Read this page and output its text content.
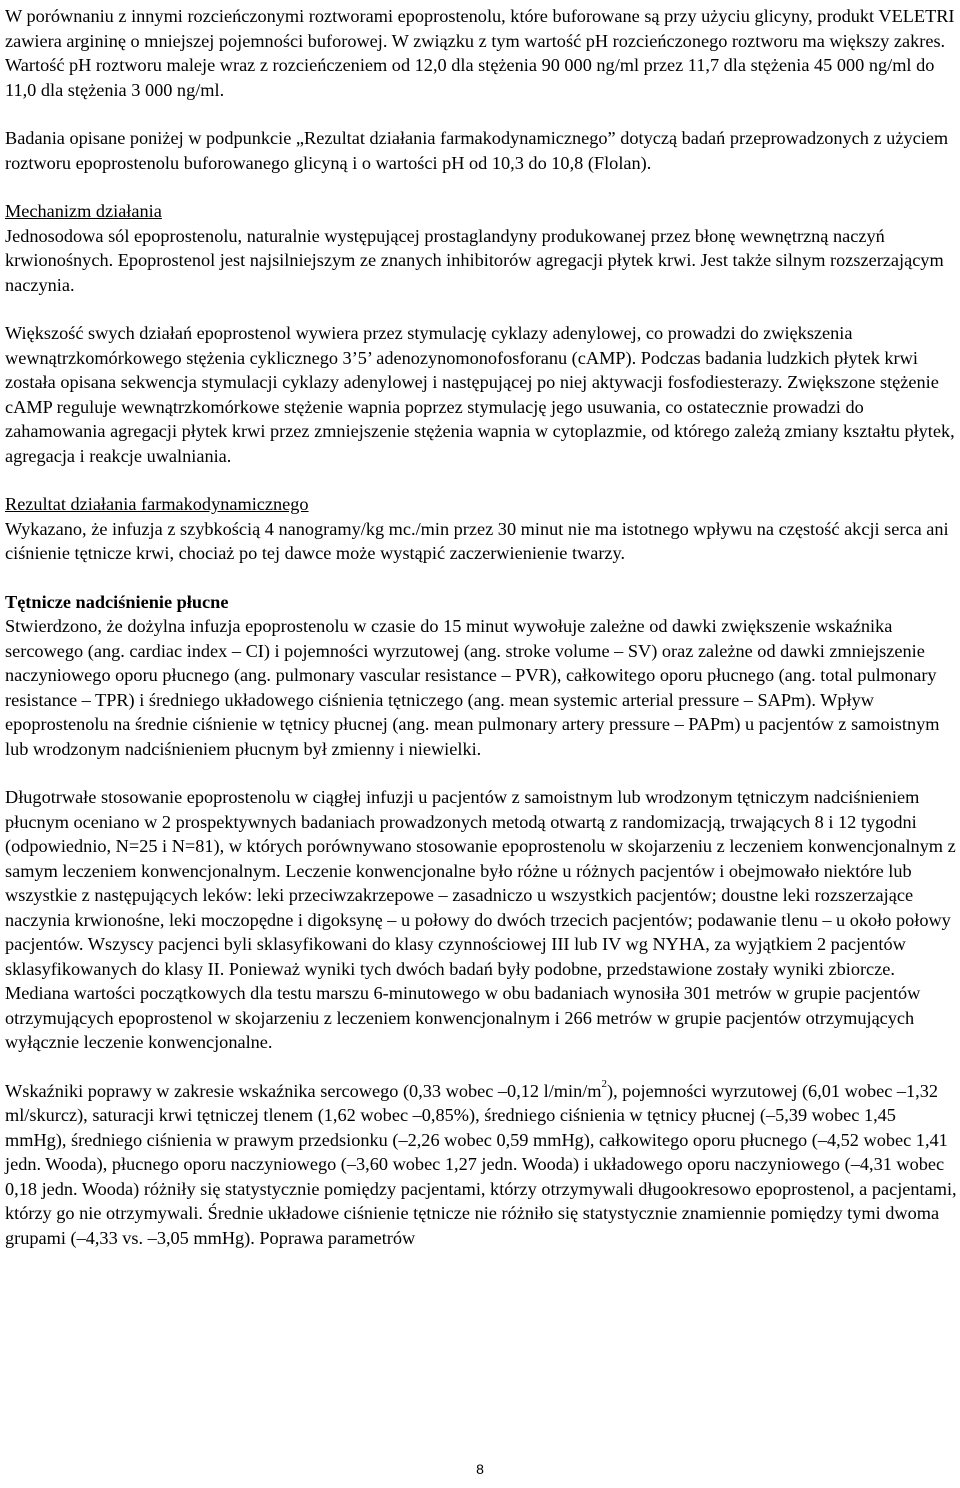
W porównaniu z innymi rozcieńczonymi roztworami epoprostenolu, które buforowane są przy użyciu glicyny, produkt VELETRI zawiera argininę o mniejszej pojemności buforowej. W związku z tym wartość pH rozcieńczonego roztworu ma większy zakres. Wartość pH roztworu maleje wraz z rozcieńczeniem od 12,0 dla stężenia 90 000 ng/ml przez 11,7 dla stężenia 45 000 ng/ml do 11,0 dla stężenia 3 000 ng/ml.

Badania opisane poniżej w podpunkcie „Rezultat działania farmakodynamicznego” dotyczą badań przeprowadzonych z użyciem roztworu epoprostenolu buforowanego glicyną i o wartości pH od 10,3 do 10,8 (Flolan).

Mechanizm działania

Jednosodowa sól epoprostenolu, naturalnie występującej prostaglandyny produkowanej przez błonę wewnętrzną naczyń krwionośnych. Epoprostenol jest najsilniejszym ze znanych inhibitorów agregacji płytek krwi. Jest także silnym rozszerzającym naczynia.

Większość swych działań epoprostenol wywiera przez stymulację cyklazy adenylowej, co prowadzi do zwiększenia wewnątrzkomórkowego stężenia cyklicznego 3’5’ adenozynomonofosforanu (cAMP). Podczas badania ludzkich płytek krwi została opisana sekwencja stymulacji cyklazy adenylowej i następującej po niej aktywacji fosfodiesterazy. Zwiększone stężenie cAMP reguluje wewnątrzkomórkowe stężenie wapnia poprzez stymulację jego usuwania, co ostatecznie prowadzi do zahamowania agregacji płytek krwi przez zmniejszenie stężenia wapnia w cytoplazmie, od którego zależą zmiany kształtu płytek, agregacja i reakcje uwalniania.

Rezultat działania farmakodynamicznego

Wykazano, że infuzja z szybkością 4 nanogramy/kg mc./min przez 30 minut nie ma istotnego wpływu na częstość akcji serca ani ciśnienie tętnicze krwi, chociaż po tej dawce może wystąpić zaczerwienienie twarzy.

Tętnicze nadciśnienie płucne

Stwierdzono, że dożylna infuzja epoprostenolu w czasie do 15 minut wywołuje zależne od dawki zwiększenie wskaźnika sercowego (ang. cardiac index – CI) i pojemności wyrzutowej (ang. stroke volume – SV) oraz zależne od dawki zmniejszenie naczyniowego oporu płucnego (ang. pulmonary vascular resistance – PVR), całkowitego oporu płucnego (ang. total pulmonary resistance – TPR) i średniego układowego ciśnienia tętniczego (ang. mean systemic arterial pressure – SAPm). Wpływ epoprostenolu na średnie ciśnienie w tętnicy płucnej (ang. mean pulmonary artery pressure – PAPm) u pacjentów z samoistnym lub wrodzonym nadciśnieniem płucnym był zmienny i niewielki.

Długotrwałe stosowanie epoprostenolu w ciągłej infuzji u pacjentów z samoistnym lub wrodzonym tętniczym nadciśnieniem płucnym oceniano w 2 prospektywnych badaniach prowadzonych metodą otwartą z randomizacją, trwających 8 i 12 tygodni (odpowiednio, N=25 i N=81), w których porównywano stosowanie epoprostenolu w skojarzeniu z leczeniem konwencjonalnym z samym leczeniem konwencjonalnym. Leczenie konwencjonalne było różne u różnych pacjentów i obejmowało niektóre lub wszystkie z następujących leków: leki przeciwzakrzepowe – zasadniczo u wszystkich pacjentów; doustne leki rozszerzające naczynia krwionośne, leki moczopędne i digoksynę – u połowy do dwóch trzecich pacjentów; podawanie tlenu – u około połowy pacjentów. Wszyscy pacjenci byli sklasyfikowani do klasy czynnościowej III lub IV wg NYHA, za wyjątkiem 2 pacjentów sklasyfikowanych do klasy II. Ponieważ wyniki tych dwóch badań były podobne, przedstawione zostały wyniki zbiorcze. Mediana wartości początkowych dla testu marszu 6-minutowego w obu badaniach wynosiła 301 metrów w grupie pacjentów otrzymujących epoprostenol w skojarzeniu z leczeniem konwencjonalnym i 266 metrów w grupie pacjentów otrzymujących wyłącznie leczenie konwencjonalne.

Wskaźniki poprawy w zakresie wskaźnika sercowego (0,33 wobec –0,12 $l/\min/m^2$), pojemności wyrzutowej (6,01 wobec –1,32 ml/skurcz), saturacji krwi tętniczej tlenem (1,62 wobec –0,85%), średniego ciśnienia w tętnicy płucnej (–5,39 wobec 1,45 mmHg), średniego ciśnienia w prawym przedsionku (–2,26 wobec 0,59 mmHg), całkowitego oporu płucnego (–4,52 wobec 1,41 jedn. Wooda), płucnego oporu naczyniowego (–3,60 wobec 1,27 jedn. Wooda) i układowego oporu naczyniowego (–4,31 wobec 0,18 jedn. Wooda) różniły się statystycznie pomiędzy pacjentami, którzy otrzymywali długookresowo epoprostenol, a pacjentami, którzy go nie otrzymywali. Średnie układowe ciśnienie tętnicze nie różniło się statystycznie znamiennie pomiędzy tymi dwoma grupami (–4,33 vs. –3,05 mmHg). Poprawa parametrów

8
